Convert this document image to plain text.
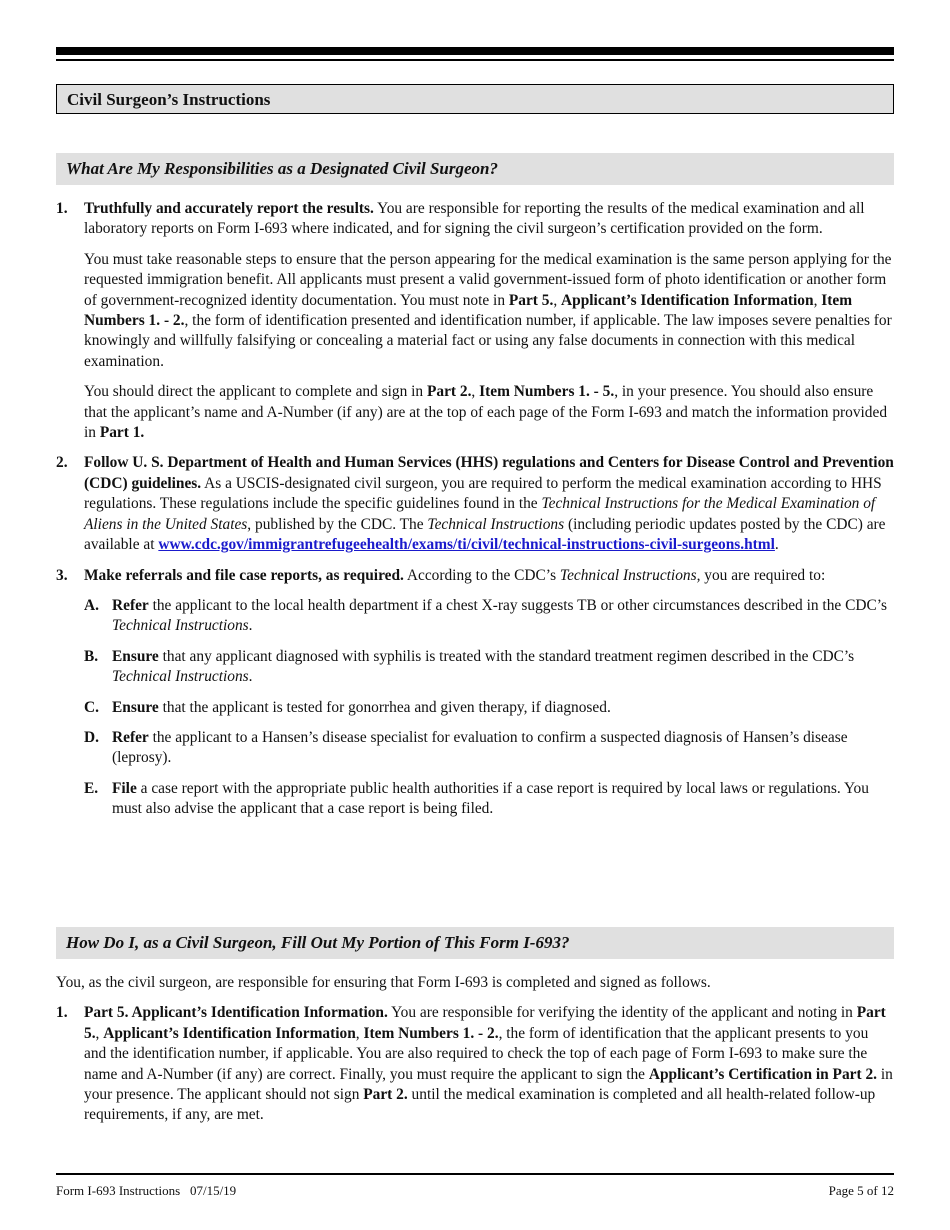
Civil Surgeon’s Instructions
What Are My Responsibilities as a Designated Civil Surgeon?
1. Truthfully and accurately report the results. You are responsible for reporting the results of the medical examination and all laboratory reports on Form I-693 where indicated, and for signing the civil surgeon’s certification provided on the form.

You must take reasonable steps to ensure that the person appearing for the medical examination is the same person applying for the requested immigration benefit. All applicants must present a valid government-issued form of photo identification or another form of government-recognized identity documentation. You must note in Part 5., Applicant’s Identification Information, Item Numbers 1. - 2., the form of identification presented and identification number, if applicable. The law imposes severe penalties for knowingly and willfully falsifying or concealing a material fact or using any false documents in connection with this medical examination.

You should direct the applicant to complete and sign in Part 2., Item Numbers 1. - 5., in your presence. You should also ensure that the applicant’s name and A-Number (if any) are at the top of each page of the Form I-693 and match the information provided in Part 1.

2. Follow U. S. Department of Health and Human Services (HHS) regulations and Centers for Disease Control and Prevention (CDC) guidelines. As a USCIS-designated civil surgeon, you are required to perform the medical examination according to HHS regulations. These regulations include the specific guidelines found in the Technical Instructions for the Medical Examination of Aliens in the United States, published by the CDC. The Technical Instructions (including periodic updates posted by the CDC) are available at www.cdc.gov/immigrantrefugeehealth/exams/ti/civil/technical-instructions-civil-surgeons.html.

3. Make referrals and file case reports, as required. According to the CDC’s Technical Instructions, you are required to:

A. Refer the applicant to the local health department if a chest X-ray suggests TB or other circumstances described in the CDC’s Technical Instructions.
B. Ensure that any applicant diagnosed with syphilis is treated with the standard treatment regimen described in the CDC’s Technical Instructions.
C. Ensure that the applicant is tested for gonorrhea and given therapy, if diagnosed.
D. Refer the applicant to a Hansen’s disease specialist for evaluation to confirm a suspected diagnosis of Hansen’s disease (leprosy).
E. File a case report with the appropriate public health authorities if a case report is required by local laws or regulations. You must also advise the applicant that a case report is being filed.
How Do I, as a Civil Surgeon, Fill Out My Portion of This Form I-693?

You, as the civil surgeon, are responsible for ensuring that Form I-693 is completed and signed as follows.

1. Part 5. Applicant’s Identification Information. You are responsible for verifying the identity of the applicant and noting in Part 5., Applicant’s Identification Information, Item Numbers 1. - 2., the form of identification that the applicant presents to you and the identification number, if applicable. You are also required to check the top of each page of Form I-693 to make sure the name and A-Number (if any) are correct. Finally, you must require the applicant to sign the Applicant’s Certification in Part 2. in your presence. The applicant should not sign Part 2. until the medical examination is completed and all health-related follow-up requirements, if any, are met.

Form I-693 Instructions   07/15/19	Page 5 of 12
